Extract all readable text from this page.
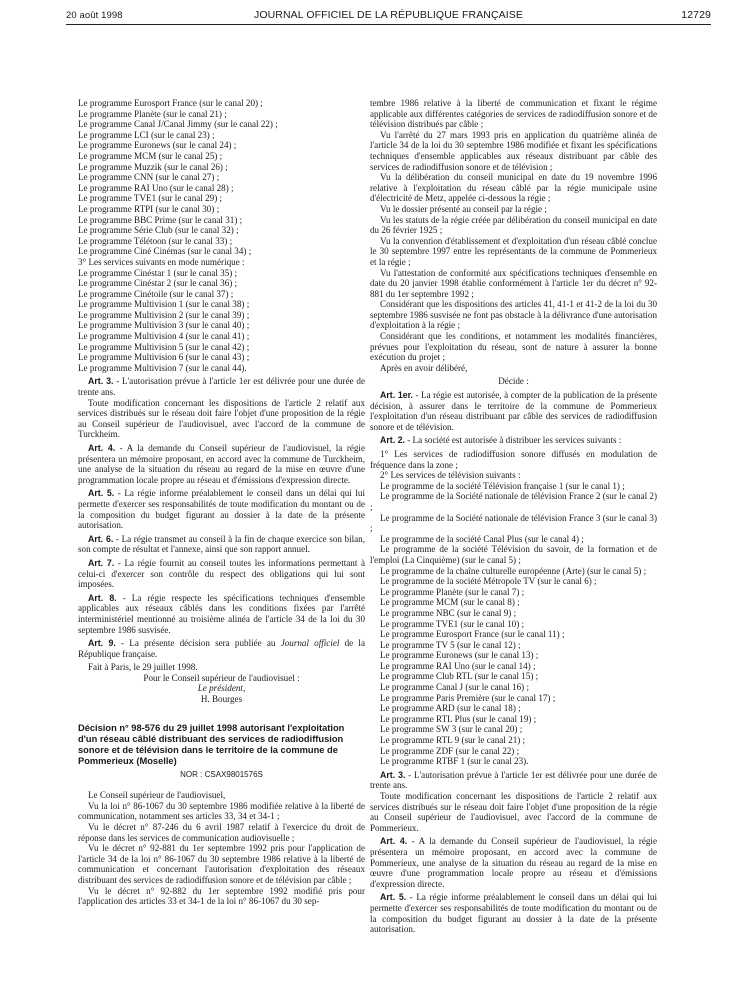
20 août 1998	JOURNAL OFFICIEL DE LA RÉPUBLIQUE FRANÇAISE	12729

Le programme Eurosport France (sur le canal 20) ;

Le programme Planète (sur le canal 21) ;

Le programme Canal J/Canal Jimmy (sur le canal 22) ;

Le programme LCI (sur le canal 23) ;

Le programme Euronews (sur le canal 24) ;

Le programme MCM (sur le canal 25) ;

Le programme Muzzik (sur le canal 26) ;

Le programme CNN (sur le canal 27) ;

Le programme RAI Uno (sur le canal 28) ;

Le programme TVE1 (sur le canal 29) ;

Le programme RTPI (sur le canal 30) ;

Le programme BBC Prime (sur le canal 31) ;

Le programme Série Club (sur le canal 32) ;

Le programme Télétoon (sur le canal 33) ;

Le programme Ciné Cinémas (sur le canal 34) ;

3° Les services suivants en mode numérique :

Le programme Cinéstar 1 (sur le canal 35) ;

Le programme Cinéstar 2 (sur le canal 36) ;

Le programme Cinétoile (sur le canal 37) ;

Le programme Multivision 1 (sur le canal 38) ;

Le programme Multivision 2 (sur le canal 39) ;

Le programme Multivision 3 (sur le canal 40) ;

Le programme Multivision 4 (sur le canal 41) ;

Le programme Multivision 5 (sur le canal 42) ;

Le programme Multivision 6 (sur le canal 43) ;

Le programme Multivision 7 (sur le canal 44).

Art. 3. - L'autorisation prévue à l'article 1er est délivrée pour une durée de trente ans.

Toute modification concernant les dispositions de l'article 2 relatif aux services distribués sur le réseau doit faire l'objet d'une proposition de la régie au Conseil supérieur de l'audiovisuel, avec l'accord de la commune de Turckheim.

Art. 4. - A la demande du Conseil supérieur de l'audiovisuel, la régie présentera un mémoire proposant, en accord avec la commune de Turckheim, une analyse de la situation du réseau au regard de la mise en œuvre d'une programmation locale propre au réseau et d'émissions d'expression directe.

Art. 5. - La régie informe préalablement le conseil dans un délai qui lui permette d'exercer ses responsabilités de toute modification du montant ou de la composition du budget figurant au dossier à la date de la présente autorisation.

Art. 6. - La régie transmet au conseil à la fin de chaque exercice son bilan, son compte de résultat et l'annexe, ainsi que son rapport annuel.

Art. 7. - La régie fournit au conseil toutes les informations permettant à celui-ci d'exercer son contrôle du respect des obligations qui lui sont imposées.

Art. 8. - La régie respecte les spécifications techniques d'ensemble applicables aux réseaux câblés dans les conditions fixées par l'arrêté interministériel mentionné au troisième alinéa de l'article 34 de la loi du 30 septembre 1986 susvisée.

Art. 9. - La présente décision sera publiée au Journal officiel de la République française.

Fait à Paris, le 29 juillet 1998.

Pour le Conseil supérieur de l'audiovisuel :

Le président,

H. Bourges

Décision n° 98-576 du 29 juillet 1998 autorisant l'exploitation d'un réseau câblé distribuant des services de radiodiffusion sonore et de télévision dans le territoire de la commune de Pommerieux (Moselle)

NOR : CSAX9801576S

Le Conseil supérieur de l'audiovisuel,

Vu la loi n° 86-1067 du 30 septembre 1986 modifiée relative à la liberté de communication, notamment ses articles 33, 34 et 34-1 ;

Vu le décret n° 87-246 du 6 avril 1987 relatif à l'exercice du droit de réponse dans les services de communication audiovisuelle ;

Vu le décret n° 92-881 du 1er septembre 1992 pris pour l'application de l'article 34 de la loi n° 86-1067 du 30 septembre 1986 relative à la liberté de communication et concernant l'autorisation d'exploitation des réseaux distribuant des services de radiodiffusion sonore et de télévision par câble ;

Vu le décret n° 92-882 du 1er septembre 1992 modifié pris pour l'application des articles 33 et 34-1 de la loi n° 86-1067 du 30 sep-

tembre 1986 relative à la liberté de communication et fixant le régime applicable aux différentes catégories de services de radiodiffusion sonore et de télévision distribués par câble ;

Vu l'arrêté du 27 mars 1993 pris en application du quatrième alinéa de l'article 34 de la loi du 30 septembre 1986 modifiée et fixant les spécifications techniques d'ensemble applicables aux réseaux distribuant par câble des services de radiodiffusion sonore et de télévision ;

Vu la délibération du conseil municipal en date du 19 novembre 1996 relative à l'exploitation du réseau câblé par la régie municipale usine d'électricité de Metz, appelée ci-dessous la régie ;

Vu le dossier présenté au conseil par la régie ;

Vu les statuts de la régie créée par délibération du conseil municipal en date du 26 février 1925 ;

Vu la convention d'établissement et d'exploitation d'un réseau câblé conclue le 30 septembre 1997 entre les représentants de la commune de Pommerieux et la régie ;

Vu l'attestation de conformité aux spécifications techniques d'ensemble en date du 20 janvier 1998 établie conformément à l'article 1er du décret n° 92-881 du 1er septembre 1992 ;

Considérant que les dispositions des articles 41, 41-1 et 41-2 de la loi du 30 septembre 1986 susvisée ne font pas obstacle à la délivrance d'une autorisation d'exploitation à la régie ;

Considérant que les conditions, et notamment les modalités financières, prévues pour l'exploitation du réseau, sont de nature à assurer la bonne exécution du projet ;

Après en avoir délibéré,

Décide :

Art. 1er. - La régie est autorisée, à compter de la publication de la présente décision, à assurer dans le territoire de la commune de Pommerieux l'exploitation d'un réseau distribuant par câble des services de radiodiffusion sonore et de télévision.

Art. 2. - La société est autorisée à distribuer les services suivants :

1° Les services de radiodiffusion sonore diffusés en modulation de fréquence dans la zone ;

2° Les services de télévision suivants :

Le programme de la société Télévision française 1 (sur le canal 1) ;

Le programme de la Société nationale de télévision France 2 (sur le canal 2) ;

Le programme de la Société nationale de télévision France 3 (sur le canal 3) ;

Le programme de la société Canal Plus (sur le canal 4) ;

Le programme de la société Télévision du savoir, de la formation et de l'emploi (La Cinquième) (sur le canal 5) ;

Le programme de la chaîne culturelle européenne (Arte) (sur le canal 5) ;

Le programme de la société Métropole TV (sur le canal 6) ;

Le programme Planète (sur le canal 7) ;

Le programme MCM (sur le canal 8) ;

Le programme NBC (sur le canal 9) ;

Le programme TVE1 (sur le canal 10) ;

Le programme Eurosport France (sur le canal 11) ;

Le programme TV 5 (sur le canal 12) ;

Le programme Euronews (sur le canal 13) ;

Le programme RAI Uno (sur le canal 14) ;

Le programme Club RTL (sur le canal 15) ;

Le programme Canal J (sur le canal 16) ;

Le programme Paris Première (sur le canal 17) ;

Le programme ARD (sur le canal 18) ;

Le programme RTL Plus (sur le canal 19) ;

Le programme SW 3 (sur le canal 20) ;

Le programme RTL 9 (sur le canal 21) ;

Le programme ZDF (sur le canal 22) ;

Le programme RTBF 1 (sur le canal 23).

Art. 3. - L'autorisation prévue à l'article 1er est délivrée pour une durée de trente ans.

Toute modification concernant les dispositions de l'article 2 relatif aux services distribués sur le réseau doit faire l'objet d'une proposition de la régie au Conseil supérieur de l'audiovisuel, avec l'accord de la commune de Pommerieux.

Art. 4. - A la demande du Conseil supérieur de l'audiovisuel, la régie présentera un mémoire proposant, en accord avec la commune de Pommerieux, une analyse de la situation du réseau au regard de la mise en œuvre d'une programmation locale propre au réseau et d'émissions d'expression directe.

Art. 5. - La régie informe préalablement le conseil dans un délai qui lui permette d'exercer ses responsabilités de toute modification du montant ou de la composition du budget figurant au dossier à la date de la présente autorisation.
